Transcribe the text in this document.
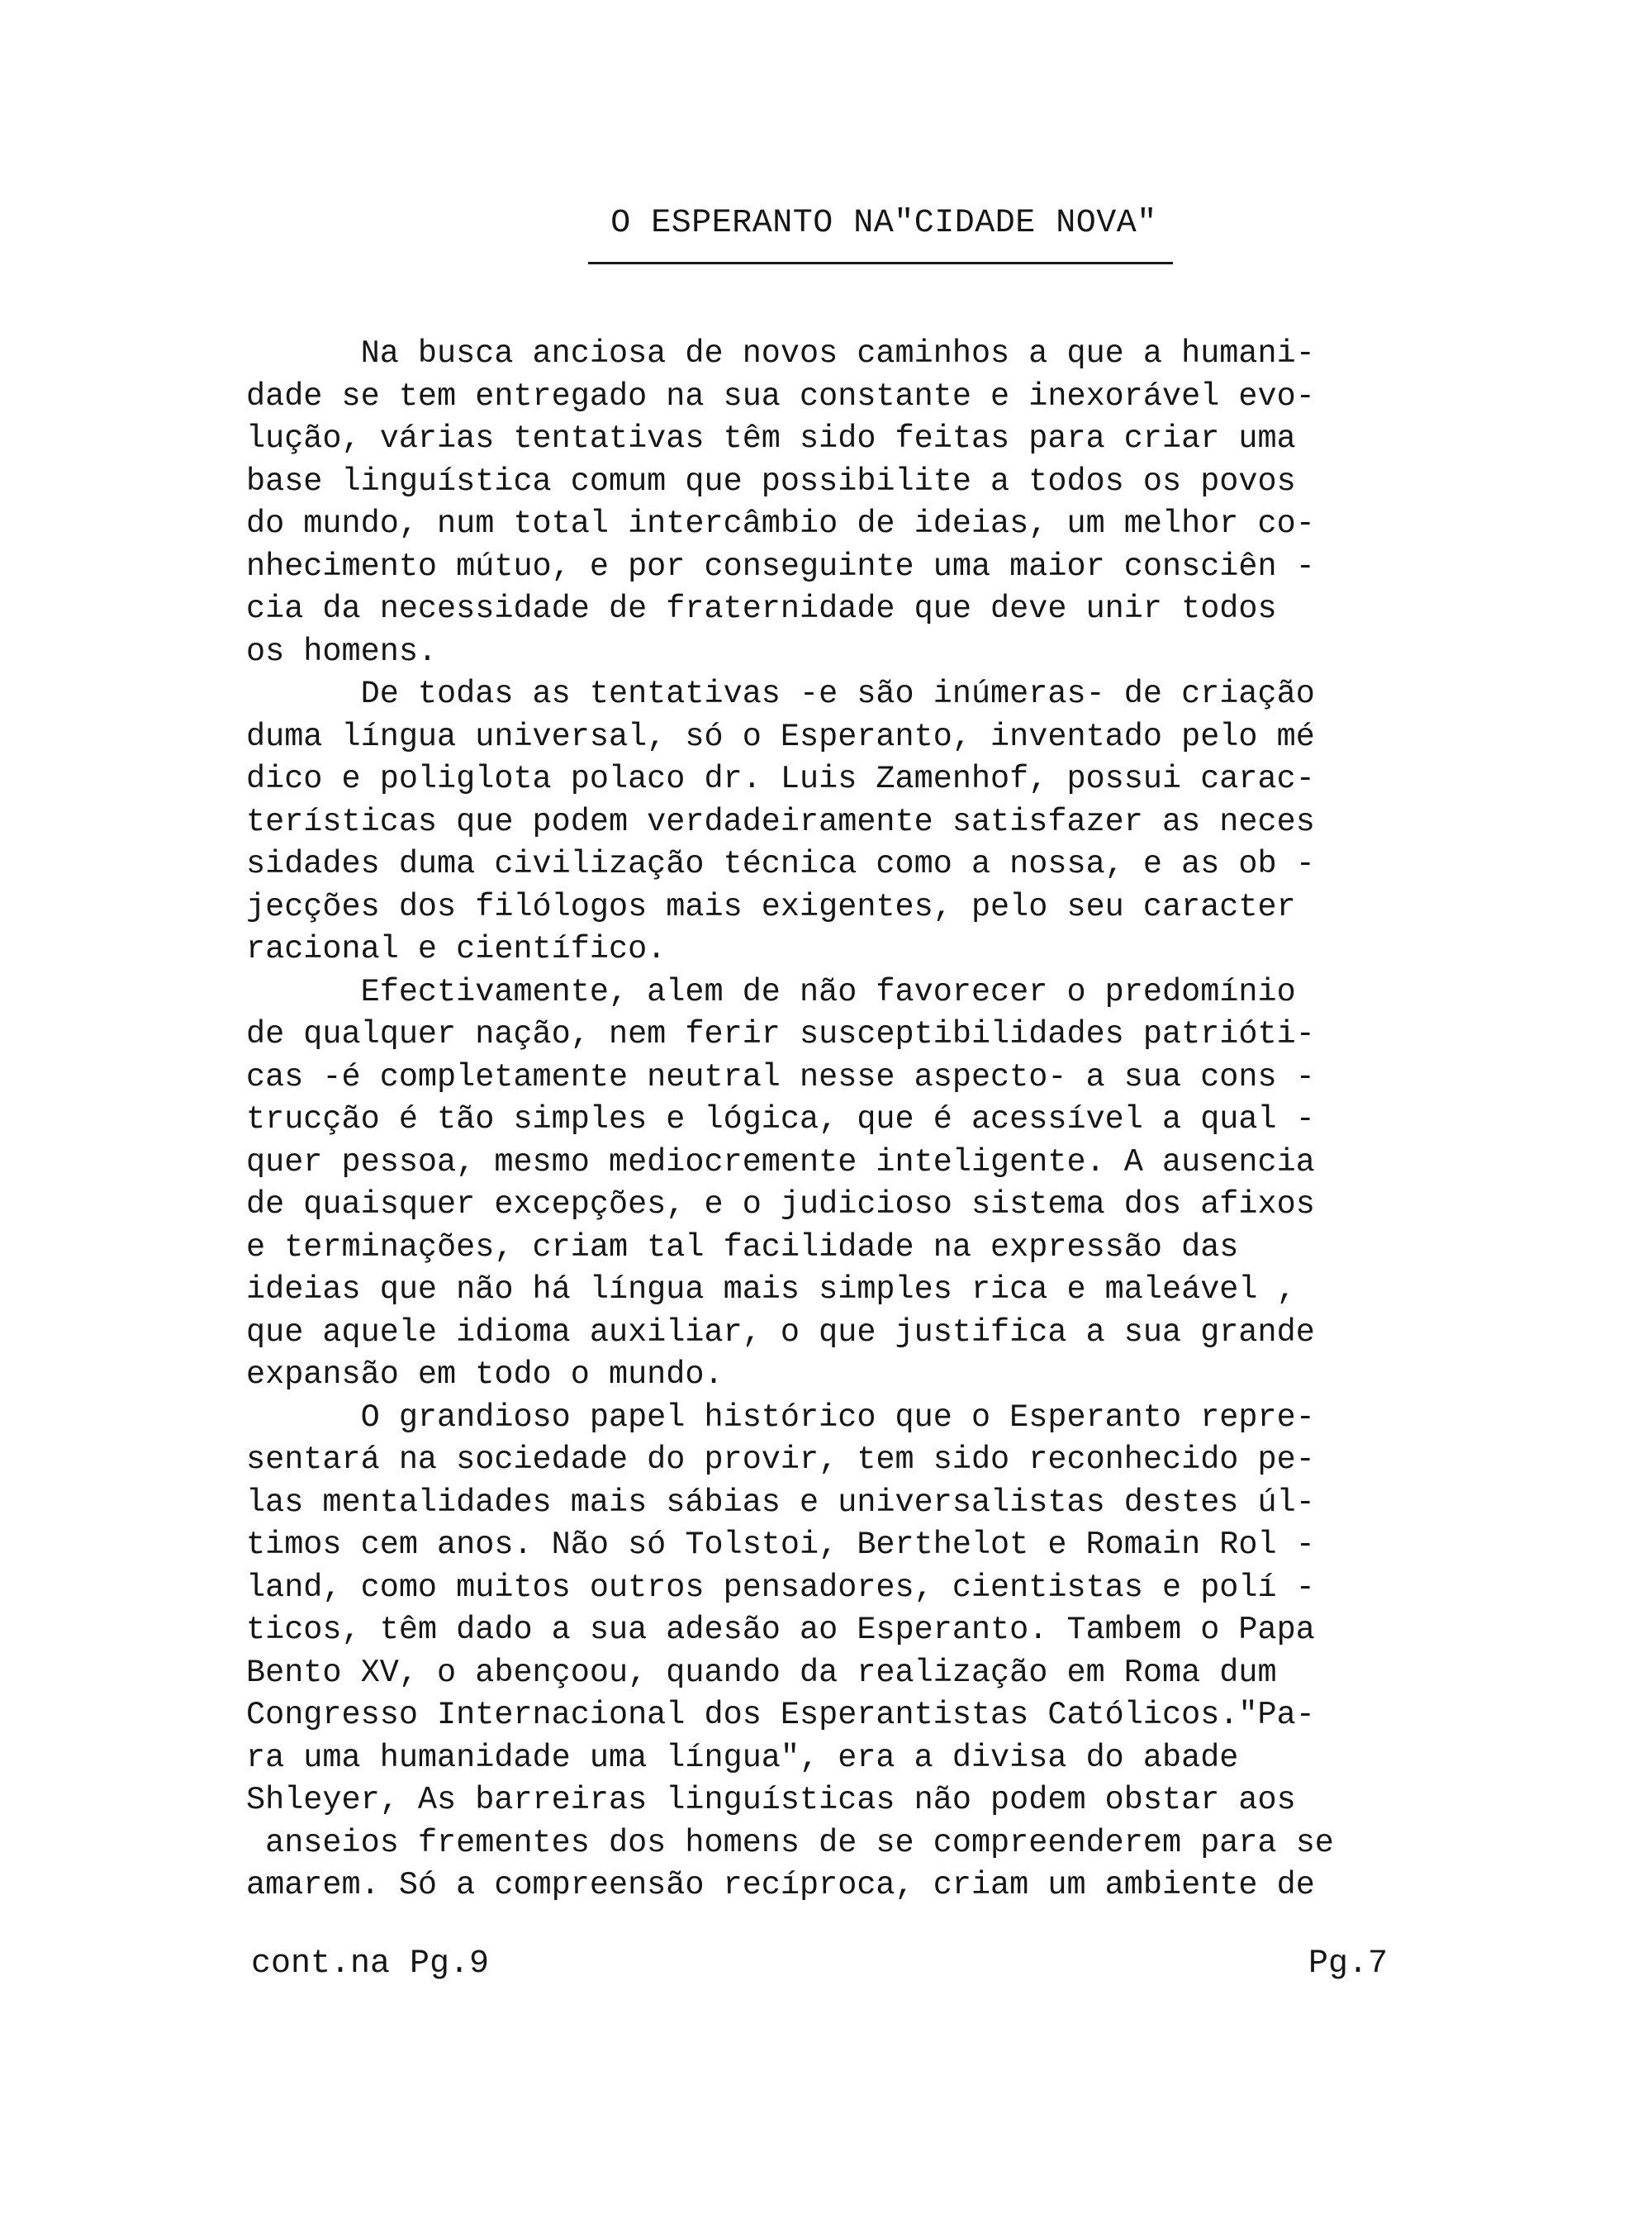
O ESPERANTO NA"CIDADE NOVA"
Na busca anciosa de novos caminhos a que a humani-
dade se tem entregado na sua constante e inexorável evo-
lução, várias tentativas têm sido feitas para criar uma
base linguística comum que possibilite a todos os povos
do mundo, num total intercâmbio de ideias, um melhor co-
nhecimento mútuo, e por conseguinte uma maior consciên -
cia da necessidade de fraternidade que deve unir todos
os homens.
De todas as tentativas -e são inúmeras- de criação
duma língua universal, só o Esperanto, inventado pelo mé
dico e poliglota polaco dr. Luis Zamenhof, possui carac-
terísticas que podem verdadeiramente satisfazer as neces
sidades duma civilização técnica como a nossa, e as ob -
jecções dos filólogos mais exigentes, pelo seu caracter
racional e científico.
Efectivamente, alem de não favorecer o predomínio
de qualquer nação, nem ferir susceptibilidades patrióti-
cas -é completamente neutral nesse aspecto- a sua cons -
trucção é tão simples e lógica, que é acessível a qual -
quer pessoa, mesmo mediocremente inteligente. A ausencia
de quaisquer excepções, e o judicioso sistema dos afixos
e terminações, criam tal facilidade na expressão das
ideias que não há língua mais simples rica e maleável ,
que aquele idioma auxiliar, o que justifica a sua grande
expansão em todo o mundo.
O grandioso papel histórico que o Esperanto repre-
sentará na sociedade do provir, tem sido reconhecido pe-
las mentalidades mais sábias e universalistas destes úl-
timos cem anos. Não só Tolstoi, Berthelot e Romain Rol -
land, como muitos outros pensadores, cientistas e polí -
ticos, têm dado a sua adesão ao Esperanto. Tambem o Papa
Bento XV, o abençoou, quando da realização em Roma dum
Congresso Internacional dos Esperantistas Católicos."Pa-
ra uma humanidade uma língua", era a divisa do abade
Shleyer, As barreiras linguísticas não podem obstar aos
anseios frementes dos homens de se compreenderem para se
amarem. Só a compreensão recíproca, criam um ambiente de
cont.na Pg.9	Pg.7
